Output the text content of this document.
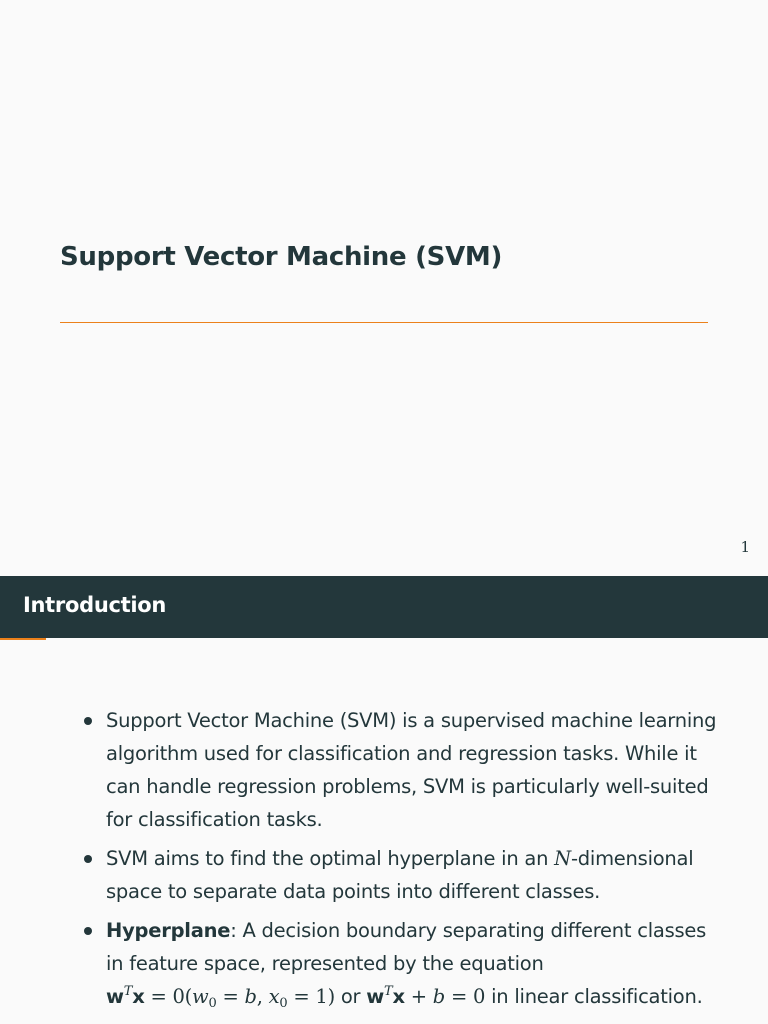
Support Vector Machine (SVM)
1
Introduction
Support Vector Machine (SVM) is a supervised machine learning algorithm used for classification and regression tasks. While it can handle regression problems, SVM is particularly well-suited for classification tasks.
SVM aims to find the optimal hyperplane in an N-dimensional space to separate data points into different classes.
Hyperplane: A decision boundary separating different classes in feature space, represented by the equation
$w^Tx = 0(w_0 = b$, $x_0 = 1$) or $w^Tx + b = 0$ in linear classification.
